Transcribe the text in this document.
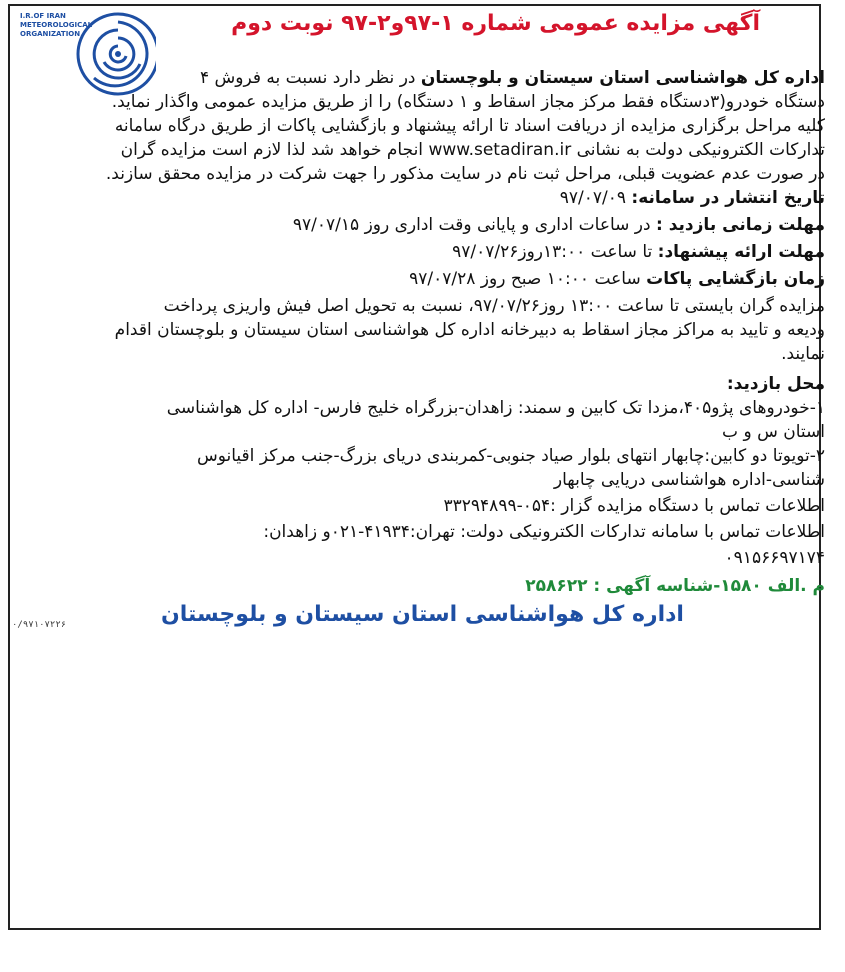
I.R.OF IRAN METEOROLOGICAL ORGANIZATION	آگهی مزایده عمومی شماره ۱-۹۷و۲-۹۷ نوبت دوم
اداره کل هواشناسی استان سیستان و بلوچستان در نظر دارد نسبت به فروش ۴
دستگاه خودرو(۳دستگاه فقط مرکز مجاز اسقاط و ۱ دستگاه) را از طریق مزایده عمومی واگذار نماید.
کلیه مراحل برگزاری مزایده از دریافت اسناد تا ارائه پیشنهاد و بازگشایی پاکات از طریق درگاه سامانه
تدارکات الکترونیکی دولت به نشانی www.setadiran.ir انجام خواهد شد لذا لازم است مزایده گران
در صورت عدم عضویت قبلی، مراحل ثبت نام در سایت مذکور را جهت شرکت در مزایده محقق سازند.
تاریخ انتشار در سامانه: ۹۷/۰۷/۰۹
مهلت زمانی بازدید : در ساعات اداری و پایانی وقت اداری روز ۹۷/۰۷/۱۵
مهلت ارائه پیشنهاد: تا ساعت ۱۳:۰۰روز۹۷/۰۷/۲۶
زمان بازگشایی پاکات ساعت ۱۰:۰۰ صبح روز ۹۷/۰۷/۲۸
مزایده گران بایستی تا ساعت ۱۳:۰۰ روز۹۷/۰۷/۲۶، نسبت به تحویل اصل فیش واریزی پرداخت
ودیعه و تایید به مراکز مجاز اسقاط به دبیرخانه اداره کل هواشناسی استان سیستان و بلوچستان اقدام
نمایند.
محل بازدید:
۱-خودروهای پژو۴۰۵،مزدا تک کابین و سمند: زاهدان-بزرگراه خلیج فارس- اداره کل هواشناسی
استان س و ب
۲-تویوتا دو کابین:چابهار انتهای بلوار صیاد جنوبی-کمربندی دریای بزرگ-جنب مرکز اقیانوس
شناسی-اداره هواشناسی دریایی چابهار
اطلاعات تماس با دستگاه مزایده گزار :۰۵۴-۳۳۲۹۴۸۹۹
اطلاعات تماس با سامانه تدارکات الکترونیکی دولت: تهران:۴۱۹۳۴-۰۲۱و زاهدان:
۰۹۱۵۶۶۹۷۱۷۴
م .الف ۱۵۸۰-شناسه آگهی : ۲۵۸۶۲۲
اداره کل هواشناسی استان سیستان و بلوچستان
۰/۹۷۱۰۷۲۲۶
